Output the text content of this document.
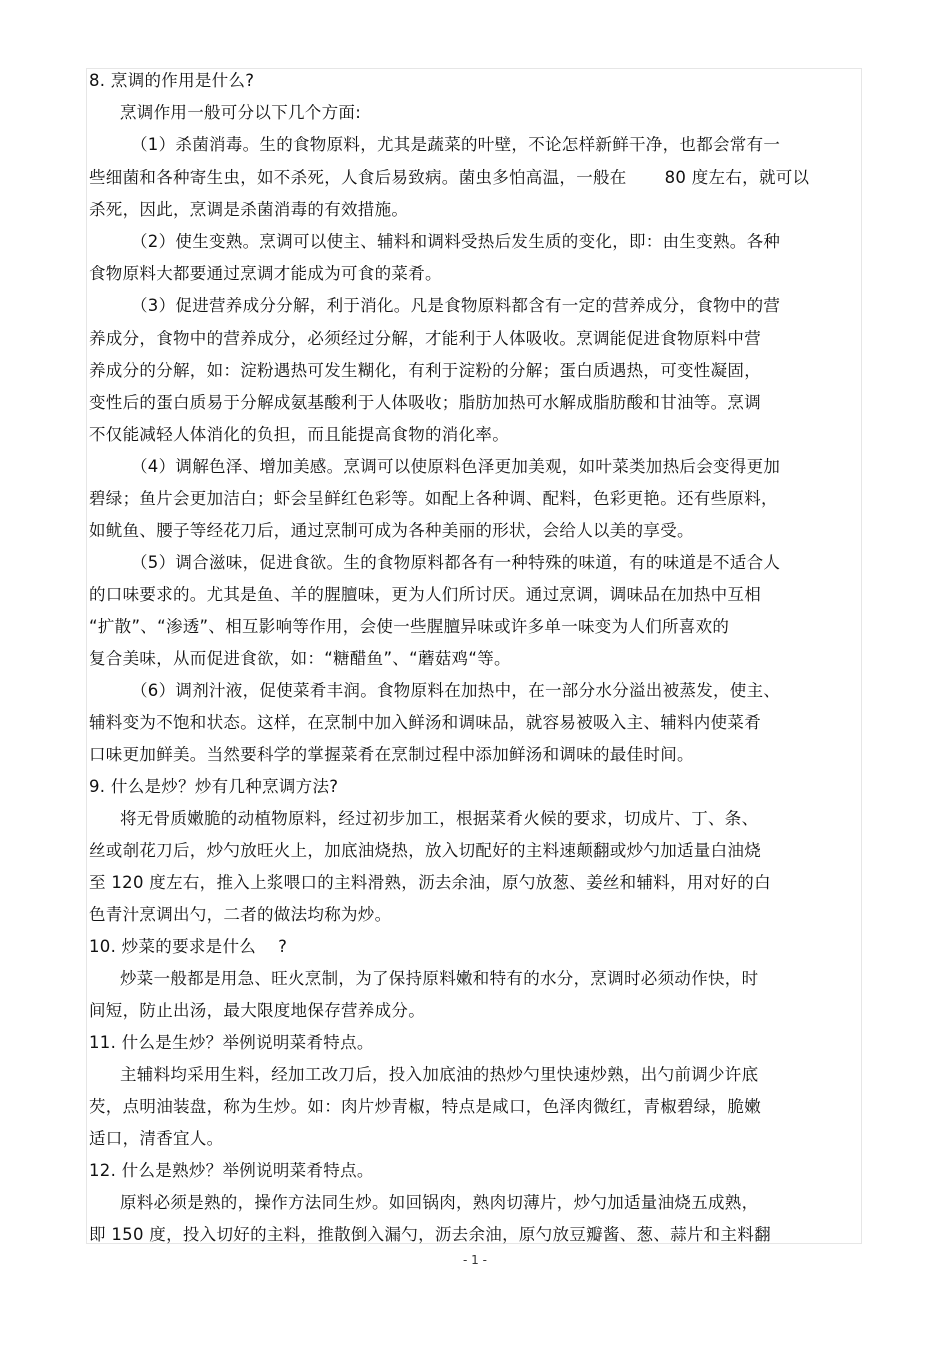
8. 烹调的作用是什么?
烹调作用一般可分以下几个方面:
（1）杀菌消毒。生的食物原料，尤其是蔬菜的叶壁，不论怎样新鲜干净，也都会常有一
些细菌和各种寄生虫，如不杀死，人食后易致病。菌虫多怕高温，一般在 80 度左右，就可以
杀死，因此，烹调是杀菌消毒的有效措施。
（2）使生变熟。烹调可以使主、辅料和调料受热后发生质的变化，即：由生变熟。各种
食物原料大都要通过烹调才能成为可食的菜肴。
（3）促进营养成分分解，利于消化。凡是食物原料都含有一定的营养成分，食物中的营
养成分，食物中的营养成分，必须经过分解，才能利于人体吸收。烹调能促进食物原料中营
养成分的分解，如：淀粉遇热可发生糊化，有利于淀粉的分解；蛋白质遇热，可变性凝固，
变性后的蛋白质易于分解成氨基酸利于人体吸收；脂肪加热可水解成脂肪酸和甘油等。烹调
不仅能减轻人体消化的负担，而且能提高食物的消化率。
（4）调解色泽、增加美感。烹调可以使原料色泽更加美观，如叶菜类加热后会变得更加
碧绿；鱼片会更加洁白；虾会呈鲜红色彩等。如配上各种调、配料，色彩更艳。还有些原料，
如鱿鱼、腰子等经花刀后，通过烹制可成为各种美丽的形状，会给人以美的享受。
（5）调合滋味，促进食欲。生的食物原料都各有一种特殊的味道，有的味道是不适合人
的口味要求的。尤其是鱼、羊的腥膻味，更为人们所讨厌。通过烹调，调味品在加热中互相
“扩散”、“渗透”、相互影响等作用，会使一些腥膻异味或许多单一味变为人们所喜欢的
复合美味，从而促进食欲，如：“糖醋鱼”、“蘑菇鸡“等。
（6）调剂汁液，促使菜肴丰润。食物原料在加热中，在一部分水分溢出被蒸发，使主、
辅料变为不饱和状态。这样，在烹制中加入鲜汤和调味品，就容易被吸入主、辅料内使菜肴
口味更加鲜美。当然要科学的掌握菜肴在烹制过程中添加鲜汤和调味的最佳时间。
9. 什么是炒？炒有几种烹调方法?
将无骨质嫩脆的动植物原料，经过初步加工，根据菜肴火候的要求，切成片、丁、条、
丝或剞花刀后，炒勺放旺火上，加底油烧热，放入切配好的主料速颠翻或炒勺加适量白油烧
至 120 度左右，推入上浆喂口的主料滑熟，沥去余油，原勺放葱、姜丝和辅料，用对好的白
色青汁烹调出勺，二者的做法均称为炒。
10. 炒菜的要求是什么 ?
炒菜一般都是用急、旺火烹制，为了保持原料嫩和特有的水分，烹调时必须动作快，时
间短，防止出汤，最大限度地保存营养成分。
11. 什么是生炒？举例说明菜肴特点。
主辅料均采用生料，经加工改刀后，投入加底油的热炒勺里快速炒熟，出勺前调少许底
芡，点明油装盘，称为生炒。如：肉片炒青椒，特点是咸口，色泽肉微红，青椒碧绿，脆嫩
适口，清香宜人。
12. 什么是熟炒？举例说明菜肴特点。
原料必须是熟的，操作方法同生炒。如回锅肉，熟肉切薄片，炒勺加适量油烧五成熟，
即 150 度，投入切好的主料，推散倒入漏勺，沥去余油，原勺放豆瓣酱、葱、蒜片和主料翻
- 1 -
